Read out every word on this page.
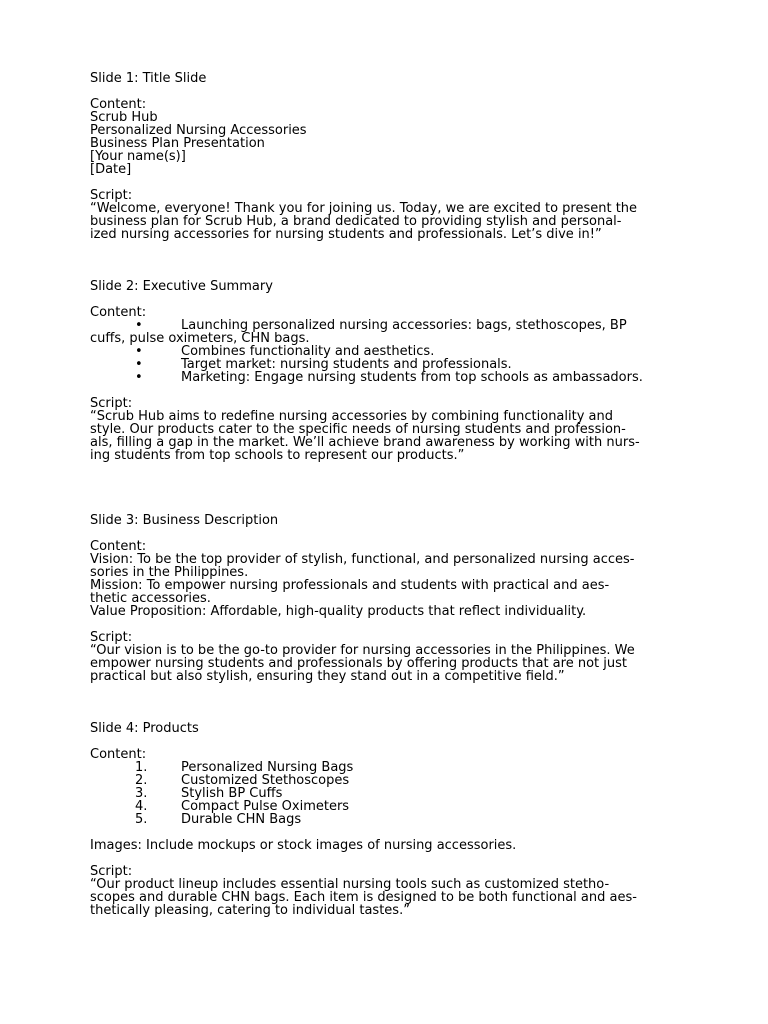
Slide 1: Title Slide

Content:

Scrub Hub

Personalized Nursing Accessories

Business Plan Presentation

[Your name(s)]

[Date]

Script:

“Welcome, everyone! Thank you for joining us. Today, we are excited to present the

business plan for Scrub Hub, a brand dedicated to providing stylish and personal-

ized nursing accessories for nursing students and professionals. Let’s dive in!”

Slide 2: Executive Summary

Content:

•	Launching personalized nursing accessories: bags, stethoscopes, BP

cuffs, pulse oximeters, CHN bags.

•	Combines functionality and aesthetics.
•	Target market: nursing students and professionals.
•	Marketing: Engage nursing students from top schools as ambassadors.

Script:

“Scrub Hub aims to redefine nursing accessories by combining functionality and

style. Our products cater to the specific needs of nursing students and profession-

als, filling a gap in the market. We’ll achieve brand awareness by working with nurs-

ing students from top schools to represent our products.”

Slide 3: Business Description

Content:

Vision: To be the top provider of stylish, functional, and personalized nursing acces-

sories in the Philippines.

Mission: To empower nursing professionals and students with practical and aes-

thetic accessories.

Value Proposition: Affordable, high-quality products that reflect individuality.

Script:

“Our vision is to be the go-to provider for nursing accessories in the Philippines. We

empower nursing students and professionals by offering products that are not just

practical but also stylish, ensuring they stand out in a competitive field.”

Slide 4: Products

Content:

1.	Personalized Nursing Bags
2.	Customized Stethoscopes
3.	Stylish BP Cuffs
4.	Compact Pulse Oximeters
5.	Durable CHN Bags

Images: Include mockups or stock images of nursing accessories.

Script:

“Our product lineup includes essential nursing tools such as customized stetho-

scopes and durable CHN bags. Each item is designed to be both functional and aes-

thetically pleasing, catering to individual tastes.”
